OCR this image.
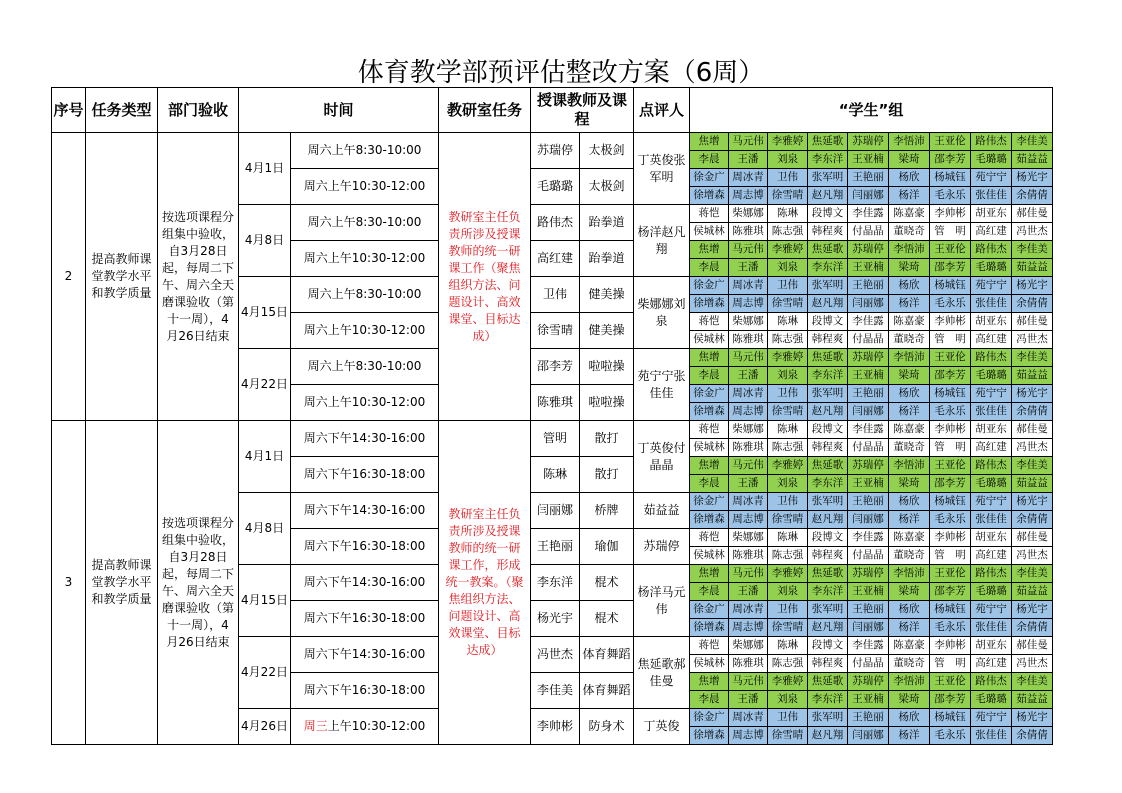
体育教学部预评估整改方案（6周）
序号	任务类型	部门验收	时间		教研室任务	授课教师及课程		点评人	“学生”组								
2	提高教师课堂教学水平和教学质量	按选项课程分组集中验收，自3月28日起，每周二下午、周六全天磨课验收（第十一周），4月26日结束	4月1日	周六上午8:30-10:00	教研室主任负责所涉及授课教师的统一研课工作（聚焦组织方法、问题设计、高效课堂、目标达成）	苏瑞停	太极剑	丁英俊张军明	焦增	马元伟	李雅婷	焦延歌	苏瑞停	李悟沛	王亚伦	路伟杰	李佳美
									李晨	王潘	刘泉	李东洋	王亚楠	梁琦	邵李芳	毛璐璐	茹益益
				周六上午10:30-12:00		毛璐璐	太极剑		徐金广	周冰青	卫伟	张军明	王艳丽	杨欣	杨城钰	苑宁宁	杨光宇
									徐增森	周志博	徐雪晴	赵凡翔	闫丽娜	杨洋	毛永乐	张佳佳	余倩倩
			4月8日	周六上午8:30-10:00		路伟杰	跆拳道	杨洋赵凡翔	蒋恺	柴娜娜	陈琳	段博文	李佳露	陈嘉豪	李帅彬	胡亚东	郝佳曼
									侯城林	陈雅琪	陈志强	韩程爽	付晶晶	董晓奇	管　明	高红建	冯世杰
				周六上午10:30-12:00		高红建	跆拳道		焦增	马元伟	李雅婷	焦延歌	苏瑞停	李悟沛	王亚伦	路伟杰	李佳美
									李晨	王潘	刘泉	李东洋	王亚楠	梁琦	邵李芳	毛璐璐	茹益益
			4月15日	周六上午8:30-10:00		卫伟	健美操	柴娜娜刘泉	徐金广	周冰青	卫伟	张军明	王艳丽	杨欣	杨城钰	苑宁宁	杨光宇
									徐增森	周志博	徐雪晴	赵凡翔	闫丽娜	杨洋	毛永乐	张佳佳	余倩倩
				周六上午10:30-12:00		徐雪晴	健美操		蒋恺	柴娜娜	陈琳	段博文	李佳露	陈嘉豪	李帅彬	胡亚东	郝佳曼
									侯城林	陈雅琪	陈志强	韩程爽	付晶晶	董晓奇	管　明	高红建	冯世杰
			4月22日	周六上午8:30-10:00		邵李芳	啦啦操	苑宁宁张佳佳	焦增	马元伟	李雅婷	焦延歌	苏瑞停	李悟沛	王亚伦	路伟杰	李佳美
									李晨	王潘	刘泉	李东洋	王亚楠	梁琦	邵李芳	毛璐璐	茹益益
				周六上午10:30-12:00		陈雅琪	啦啦操		徐金广	周冰青	卫伟	张军明	王艳丽	杨欣	杨城钰	苑宁宁	杨光宇
									徐增森	周志博	徐雪晴	赵凡翔	闫丽娜	杨洋	毛永乐	张佳佳	余倩倩
3	提高教师课堂教学水平和教学质量	按选项课程分组集中验收，自3月28日起，每周二下午、周六全天磨课验收（第十一周），4月26日结束	4月1日	周六下午14:30-16:00	教研室主任负责所涉及授课教师的统一研课工作，形成统一教案。（聚焦组织方法、问题设计、高效课堂、目标达成）	管明	散打	丁英俊付晶晶	蒋恺	柴娜娜	陈琳	段博文	李佳露	陈嘉豪	李帅彬	胡亚东	郝佳曼
									侯城林	陈雅琪	陈志强	韩程爽	付晶晶	董晓奇	管　明	高红建	冯世杰
				周六下午16:30-18:00		陈琳	散打		焦增	马元伟	李雅婷	焦延歌	苏瑞停	李悟沛	王亚伦	路伟杰	李佳美
									李晨	王潘	刘泉	李东洋	王亚楠	梁琦	邵李芳	毛璐璐	茹益益
			4月8日	周六下午14:30-16:00		闫丽娜	桥牌	茹益益	徐金广	周冰青	卫伟	张军明	王艳丽	杨欣	杨城钰	苑宁宁	杨光宇
									徐增森	周志博	徐雪晴	赵凡翔	闫丽娜	杨洋	毛永乐	张佳佳	余倩倩
				周六下午16:30-18:00		王艳丽	瑜伽	苏瑞停	蒋恺	柴娜娜	陈琳	段博文	李佳露	陈嘉豪	李帅彬	胡亚东	郝佳曼
									侯城林	陈雅琪	陈志强	韩程爽	付晶晶	董晓奇	管　明	高红建	冯世杰
			4月15日	周六下午14:30-16:00		李东洋	棍术	杨洋马元伟	焦增	马元伟	李雅婷	焦延歌	苏瑞停	李悟沛	王亚伦	路伟杰	李佳美
									李晨	王潘	刘泉	李东洋	王亚楠	梁琦	邵李芳	毛璐璐	茹益益
				周六下午16:30-18:00		杨光宇	棍术		徐金广	周冰青	卫伟	张军明	王艳丽	杨欣	杨城钰	苑宁宁	杨光宇
									徐增森	周志博	徐雪晴	赵凡翔	闫丽娜	杨洋	毛永乐	张佳佳	余倩倩
			4月22日	周六下午14:30-16:00		冯世杰	体育舞蹈	焦延歌郝佳曼	蒋恺	柴娜娜	陈琳	段博文	李佳露	陈嘉豪	李帅彬	胡亚东	郝佳曼
									侯城林	陈雅琪	陈志强	韩程爽	付晶晶	董晓奇	管　明	高红建	冯世杰
				周六下午16:30-18:00		李佳美	体育舞蹈		焦增	马元伟	李雅婷	焦延歌	苏瑞停	李悟沛	王亚伦	路伟杰	李佳美
									李晨	王潘	刘泉	李东洋	王亚楠	梁琦	邵李芳	毛璐璐	茹益益
			4月26日	周三上午10:30-12:00		李帅彬	防身术	丁英俊	徐金广	周冰青	卫伟	张军明	王艳丽	杨欣	杨城钰	苑宁宁	杨光宇
									徐增森	周志博	徐雪晴	赵凡翔	闫丽娜	杨洋	毛永乐	张佳佳	余倩倩
